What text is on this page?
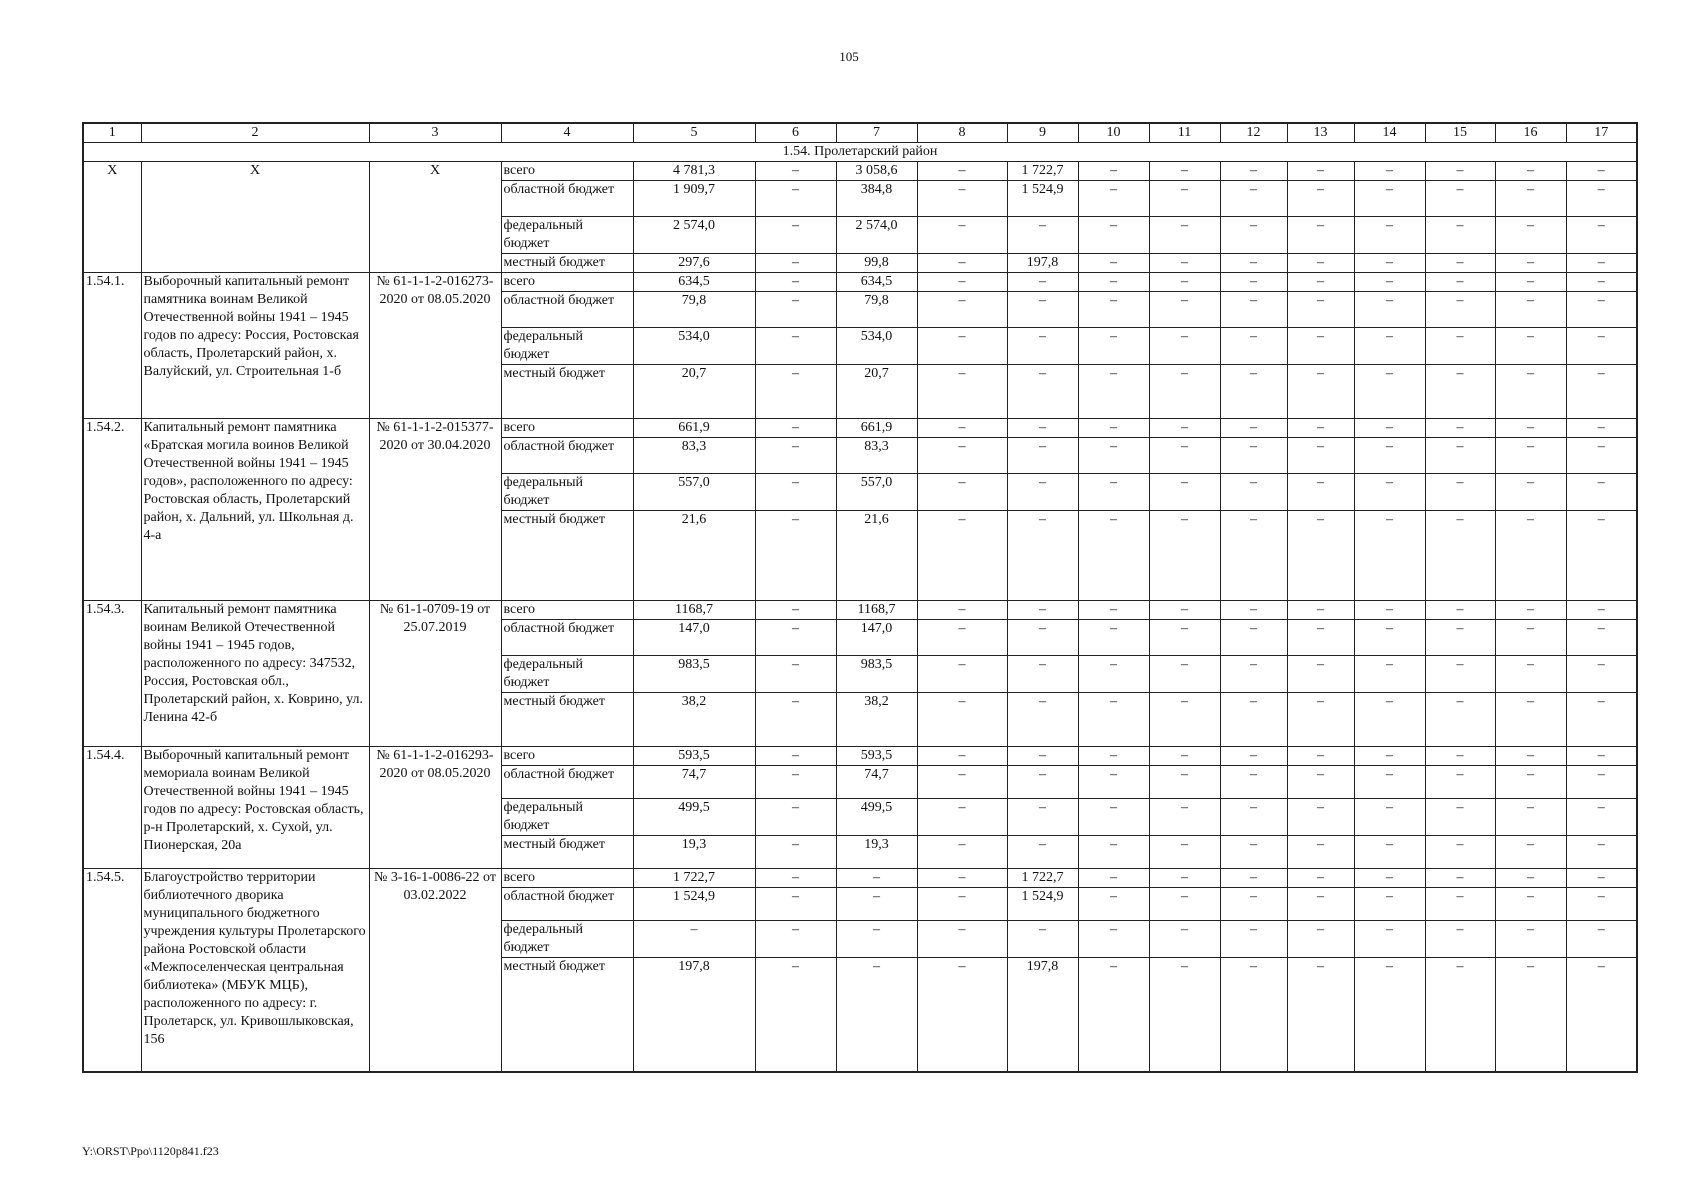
105
1	2	3	4	5	6	7	8	9	10	11	12	13	14	15	16	17
1.54. Пролетарский район																
X	X	X	всего	4 781,3	–	3 058,6	–	1 722,7	–	–	–	–	–	–	–	–
			областной бюджет	1 909,7	–	384,8	–	1 524,9	–	–	–	–	–	–	–	–
			федеральный бюджет	2 574,0	–	2 574,0	–	–	–	–	–	–	–	–	–	–
			местный бюджет	297,6	–	99,8	–	197,8	–	–	–	–	–	–	–	–
1.54.1.	Выборочный капитальный ремонт памятника воинам Великой Отечественной войны 1941 – 1945 годов по адресу: Россия, Ростовская область, Пролетарский район, х. Валуйский, ул. Строительная 1-б	№ 61-1-1-2-016273-2020 от 08.05.2020	всего	634,5	–	634,5	–	–	–	–	–	–	–	–	–	–
			областной бюджет	79,8	–	79,8	–	–	–	–	–	–	–	–	–	–
			федеральный бюджет	534,0	–	534,0	–	–	–	–	–	–	–	–	–	–
			местный бюджет	20,7	–	20,7	–	–	–	–	–	–	–	–	–	–
1.54.2.	Капитальный ремонт памятника «Братская могила воинов Великой Отечественной войны 1941 – 1945 годов», расположенного по адресу: Ростовская область, Пролетарский район, х. Дальний, ул. Школьная д. 4-а	№ 61-1-1-2-015377-2020 от 30.04.2020	всего	661,9	–	661,9	–	–	–	–	–	–	–	–	–	–
			областной бюджет	83,3	–	83,3	–	–	–	–	–	–	–	–	–	–
			федеральный бюджет	557,0	–	557,0	–	–	–	–	–	–	–	–	–	–
			местный бюджет	21,6	–	21,6	–	–	–	–	–	–	–	–	–	–
1.54.3.	Капитальный ремонт памятника воинам Великой Отечественной войны 1941 – 1945 годов, расположенного по адресу: 347532, Россия, Ростовская обл., Пролетарский район, х. Коврино, ул. Ленина 42-б	№ 61-1-0709-19 от 25.07.2019	всего	1168,7	–	1168,7	–	–	–	–	–	–	–	–	–	–
			областной бюджет	147,0	–	147,0	–	–	–	–	–	–	–	–	–	–
			федеральный бюджет	983,5	–	983,5	–	–	–	–	–	–	–	–	–	–
			местный бюджет	38,2	–	38,2	–	–	–	–	–	–	–	–	–	–
1.54.4.	Выборочный капитальный ремонт мемориала воинам Великой Отечественной войны 1941 – 1945 годов по адресу: Ростовская область, р-н Пролетарский, х. Сухой, ул. Пионерская, 20а	№ 61-1-1-2-016293-2020 от 08.05.2020	всего	593,5	–	593,5	–	–	–	–	–	–	–	–	–	–
			областной бюджет	74,7	–	74,7	–	–	–	–	–	–	–	–	–	–
			федеральный бюджет	499,5	–	499,5	–	–	–	–	–	–	–	–	–	–
			местный бюджет	19,3	–	19,3	–	–	–	–	–	–	–	–	–	–
1.54.5.	Благоустройство территории библиотечного дворика муниципального бюджетного учреждения культуры Пролетарского района Ростовской области «Межпоселенческая центральная библиотека» (МБУК МЦБ), расположенного по адресу: г. Пролетарск, ул. Кривошлыковская, 156	№ 3-16-1-0086-22 от 03.02.2022	всего	1 722,7	–	–	–	1 722,7	–	–	–	–	–	–	–	–
			областной бюджет	1 524,9	–	–	–	1 524,9	–	–	–	–	–	–	–	–
			федеральный бюджет	–	–	–	–	–	–	–	–	–	–	–	–	–
			местный бюджет	197,8	–	–	–	197,8	–	–	–	–	–	–	–	–
Y:\ORST\Ppo\1120p841.f23
